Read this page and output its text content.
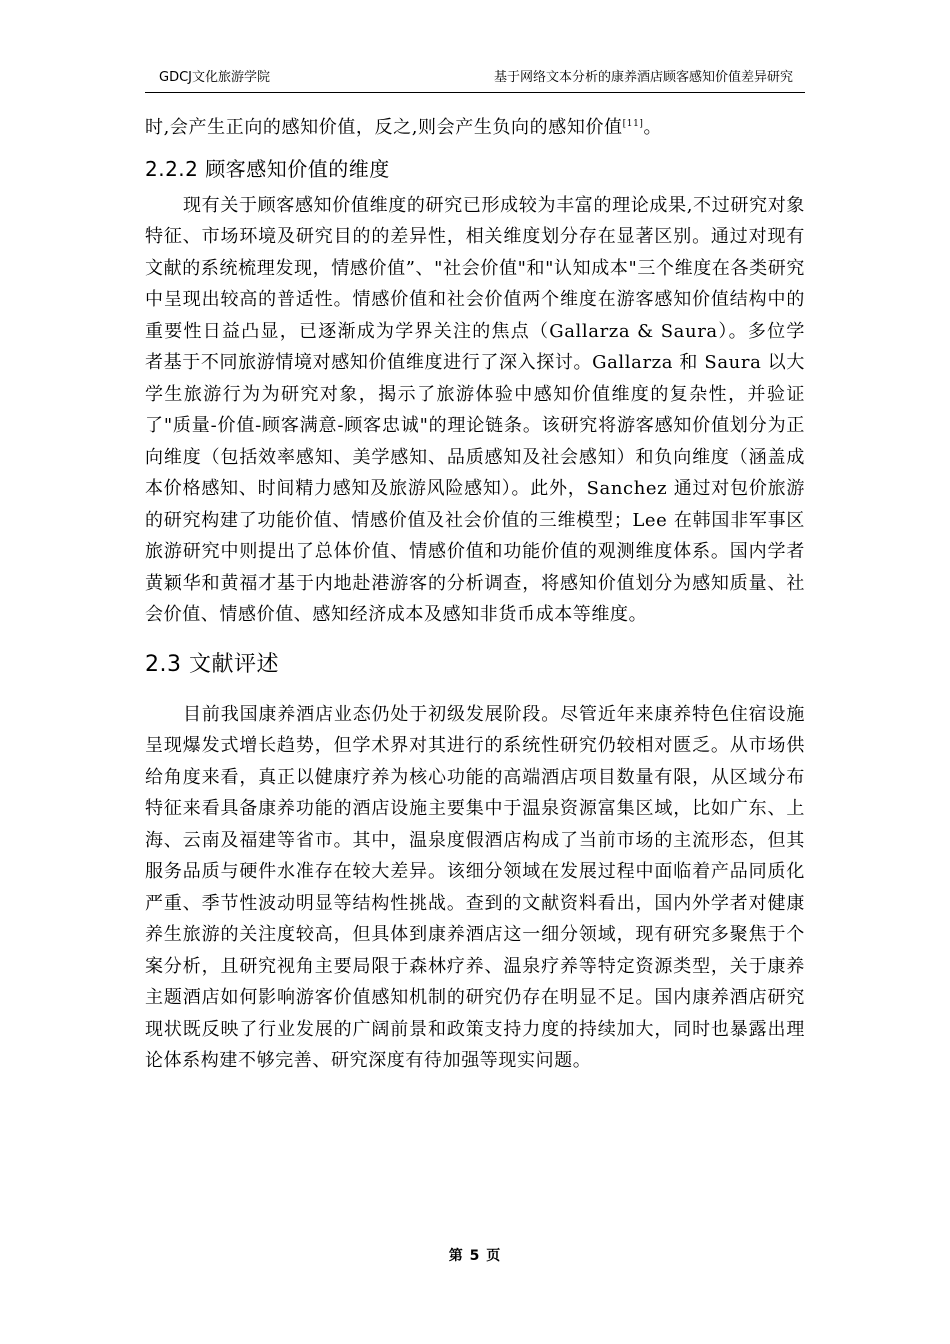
GDCJ文化旅游学院	基于网络文本分析的康养酒店顾客感知价值差异研究

时,会产生正向的感知价值，反之,则会产生负向的感知价值[11]。

2.2.2 顾客感知价值的维度

现有关于顾客感知价值维度的研究已形成较为丰富的理论成果,不过研究对象特征、市场环境及研究目的的差异性，相关维度划分存在显著区别。通过对现有文献的系统梳理发现，情感价值”、"社会价值"和"认知成本"三个维度在各类研究中呈现出较高的普适性。情感价值和社会价值两个维度在游客感知价值结构中的重要性日益凸显，已逐渐成为学界关注的焦点（Gallarza & Saura）。多位学者基于不同旅游情境对感知价值维度进行了深入探讨。Gallarza 和 Saura 以大学生旅游行为为研究对象，揭示了旅游体验中感知价值维度的复杂性，并验证了"质量-价值-顾客满意-顾客忠诚"的理论链条。该研究将游客感知价值划分为正向维度（包括效率感知、美学感知、品质感知及社会感知）和负向维度（涵盖成本价格感知、时间精力感知及旅游风险感知）。此外，Sanchez 通过对包价旅游的研究构建了功能价值、情感价值及社会价值的三维模型；Lee 在韩国非军事区旅游研究中则提出了总体价值、情感价值和功能价值的观测维度体系。国内学者黄颖华和黄福才基于内地赴港游客的分析调查，将感知价值划分为感知质量、社会价值、情感价值、感知经济成本及感知非货币成本等维度。

2.3 文献评述

目前我国康养酒店业态仍处于初级发展阶段。尽管近年来康养特色住宿设施呈现爆发式增长趋势，但学术界对其进行的系统性研究仍较相对匮乏。从市场供给角度来看，真正以健康疗养为核心功能的高端酒店项目数量有限，从区域分布特征来看具备康养功能的酒店设施主要集中于温泉资源富集区域，比如广东、上海、云南及福建等省市。其中，温泉度假酒店构成了当前市场的主流形态，但其服务品质与硬件水准存在较大差异。该细分领域在发展过程中面临着产品同质化严重、季节性波动明显等结构性挑战。查到的文献资料看出，国内外学者对健康养生旅游的关注度较高，但具体到康养酒店这一细分领域，现有研究多聚焦于个案分析，且研究视角主要局限于森林疗养、温泉疗养等特定资源类型，关于康养主题酒店如何影响游客价值感知机制的研究仍存在明显不足。国内康养酒店研究现状既反映了行业发展的广阔前景和政策支持力度的持续加大，同时也暴露出理论体系构建不够完善、研究深度有待加强等现实问题。

第 5 页
